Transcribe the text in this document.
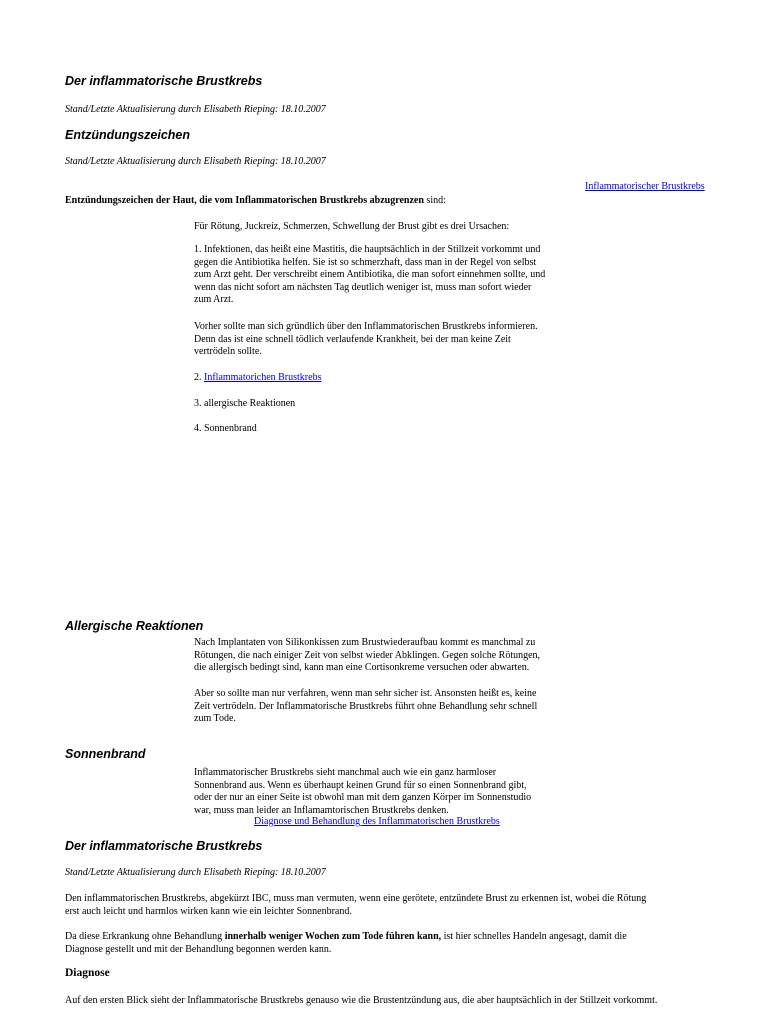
Der inflammatorische Brustkrebs
Stand/Letzte Aktualisierung durch Elisabeth Rieping: 18.10.2007
Entzündungszeichen
Stand/Letzte Aktualisierung durch Elisabeth Rieping: 18.10.2007
Inflammatorischer Brustkrebs
Entzündungszeichen der Haut, die vom Inflammatorischen Brustkrebs abzugrenzen sind:
Für Rötung, Juckreiz, Schmerzen, Schwellung der Brust gibt es drei Ursachen:

1. Infektionen, das heißt eine Mastitis, die hauptsächlich in der Stillzeit vorkommt und

gegen die Antibiotika helfen. Sie ist so schmerzhaft, dass man in der Regel von selbst

zum Arzt geht. Der verschreibt einem Antibiotika, die man sofort einnehmen sollte, und

wenn das nicht sofort am nächsten Tag deutlich weniger ist, muss man sofort wieder

zum Arzt.

Vorher sollte man sich gründlich über den Inflammatorischen Brustkrebs informieren.

Denn das ist eine schnell tödlich verlaufende Krankheit, bei der man keine Zeit

vertrödeln sollte.

2. Inflammatorichen Brustkrebs
3. allergische Reaktionen
4. Sonnenbrand
Allergische Reaktionen

Nach Implantaten von Silikonkissen zum Brustwiederaufbau kommt es manchmal zu

Rötungen, die nach einiger Zeit von selbst wieder Abklingen. Gegen solche Rötungen,

die allergisch bedingt sind, kann man eine Cortisonkreme versuchen oder abwarten.

Aber so sollte man nur verfahren, wenn man sehr sicher ist. Ansonsten heißt es, keine

Zeit vertrödeln. Der Inflammatorische Brustkrebs führt ohne Behandlung sehr schnell

zum Tode.

Sonnenbrand

Inflammatorischer Brustkrebs sieht manchmal auch wie ein ganz harmloser

Sonnenbrand aus. Wenn es überhaupt keinen Grund für so einen Sonnenbrand gibt,

oder der nur an einer Seite ist obwohl man mit dem ganzen Körper im Sonnenstudio

war, muss man leider an Inflamamtorischen Brustkrebs denken.

Diagnose und Behandlung des Inflammatorischen Brustkrebs
Der inflammatorische Brustkrebs
Stand/Letzte Aktualisierung durch Elisabeth Rieping: 18.10.2007

Den inflammatorischen Brustkrebs, abgekürzt IBC, muss man vermuten, wenn eine gerötete, entzündete Brust zu erkennen ist, wobei die Rötung

erst auch leicht und harmlos wirken kann wie ein leichter Sonnenbrand.

Da diese Erkrankung ohne Behandlung innerhalb weniger Wochen zum Tode führen kann, ist hier schnelles Handeln angesagt, damit die

Diagnose gestellt und mit der Behandlung begonnen werden kann.

Diagnose
Auf den ersten Blick sieht der Inflammatorische Brustkrebs genauso wie die Brustentzündung aus, die aber hauptsächlich in der Stillzeit vorkommt.
